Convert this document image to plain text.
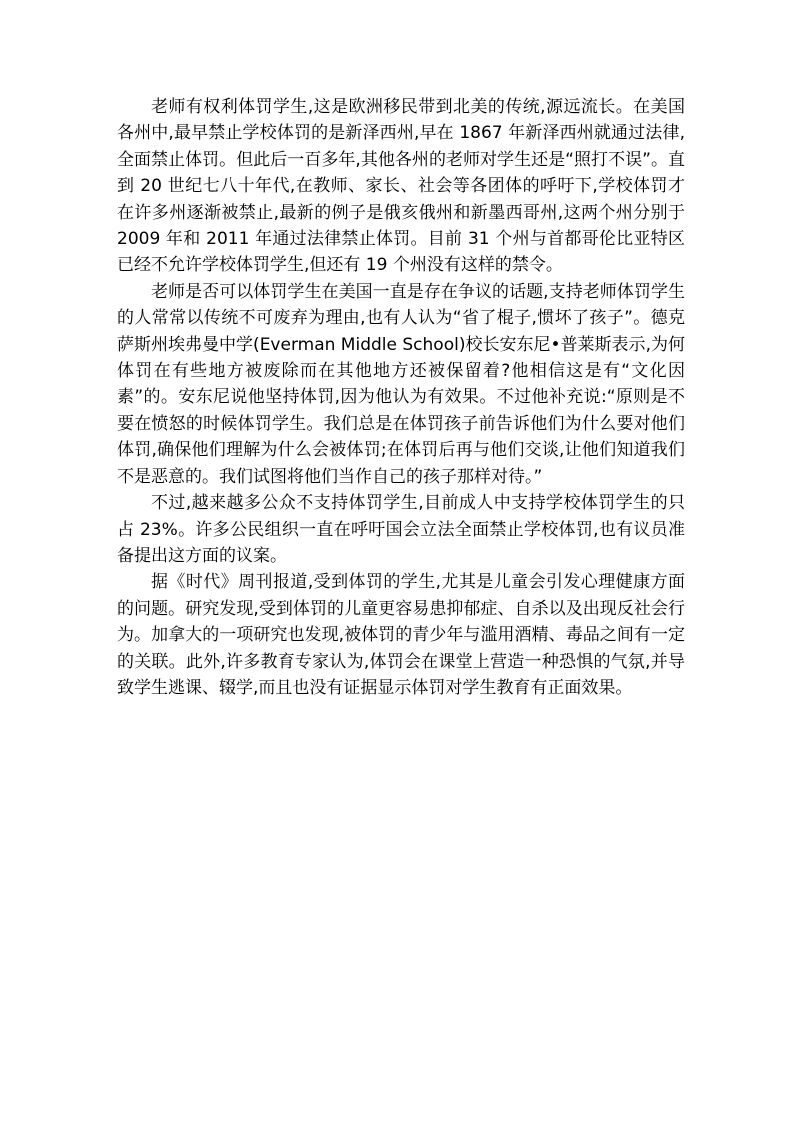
老师有权利体罚学生,这是欧洲移民带到北美的传统,源远流长。在美国各州中,最早禁止学校体罚的是新泽西州,早在 1867 年新泽西州就通过法律,全面禁止体罚。但此后一百多年,其他各州的老师对学生还是“照打不误”。直到 20 世纪七八十年代,在教师、家长、社会等各团体的呼吁下,学校体罚才在许多州逐渐被禁止,最新的例子是俄亥俄州和新墨西哥州,这两个州分别于 2009 年和 2011 年通过法律禁止体罚。目前 31 个州与首都哥伦比亚特区已经不允许学校体罚学生,但还有 19 个州没有这样的禁令。

老师是否可以体罚学生在美国一直是存在争议的话题,支持老师体罚学生的人常常以传统不可废弃为理由,也有人认为“省了棍子,惯坏了孩子”。德克萨斯州埃弗曼中学(Everman Middle School)校长安东尼•普莱斯表示,为何体罚在有些地方被废除而在其他地方还被保留着?他相信这是有“文化因素”的。安东尼说他坚持体罚,因为他认为有效果。不过他补充说:“原则是不要在愤怒的时候体罚学生。我们总是在体罚孩子前告诉他们为什么要对他们体罚,确保他们理解为什么会被体罚;在体罚后再与他们交谈,让他们知道我们不是恶意的。我们试图将他们当作自己的孩子那样对待。”

不过,越来越多公众不支持体罚学生,目前成人中支持学校体罚学生的只占 23%。许多公民组织一直在呼吁国会立法全面禁止学校体罚,也有议员准备提出这方面的议案。

据《时代》周刊报道,受到体罚的学生,尤其是儿童会引发心理健康方面的问题。研究发现,受到体罚的儿童更容易患抑郁症、自杀以及出现反社会行为。加拿大的一项研究也发现,被体罚的青少年与滥用酒精、毒品之间有一定的关联。此外,许多教育专家认为,体罚会在课堂上营造一种恐惧的气氛,并导致学生逃课、辍学,而且也没有证据显示体罚对学生教育有正面效果。
